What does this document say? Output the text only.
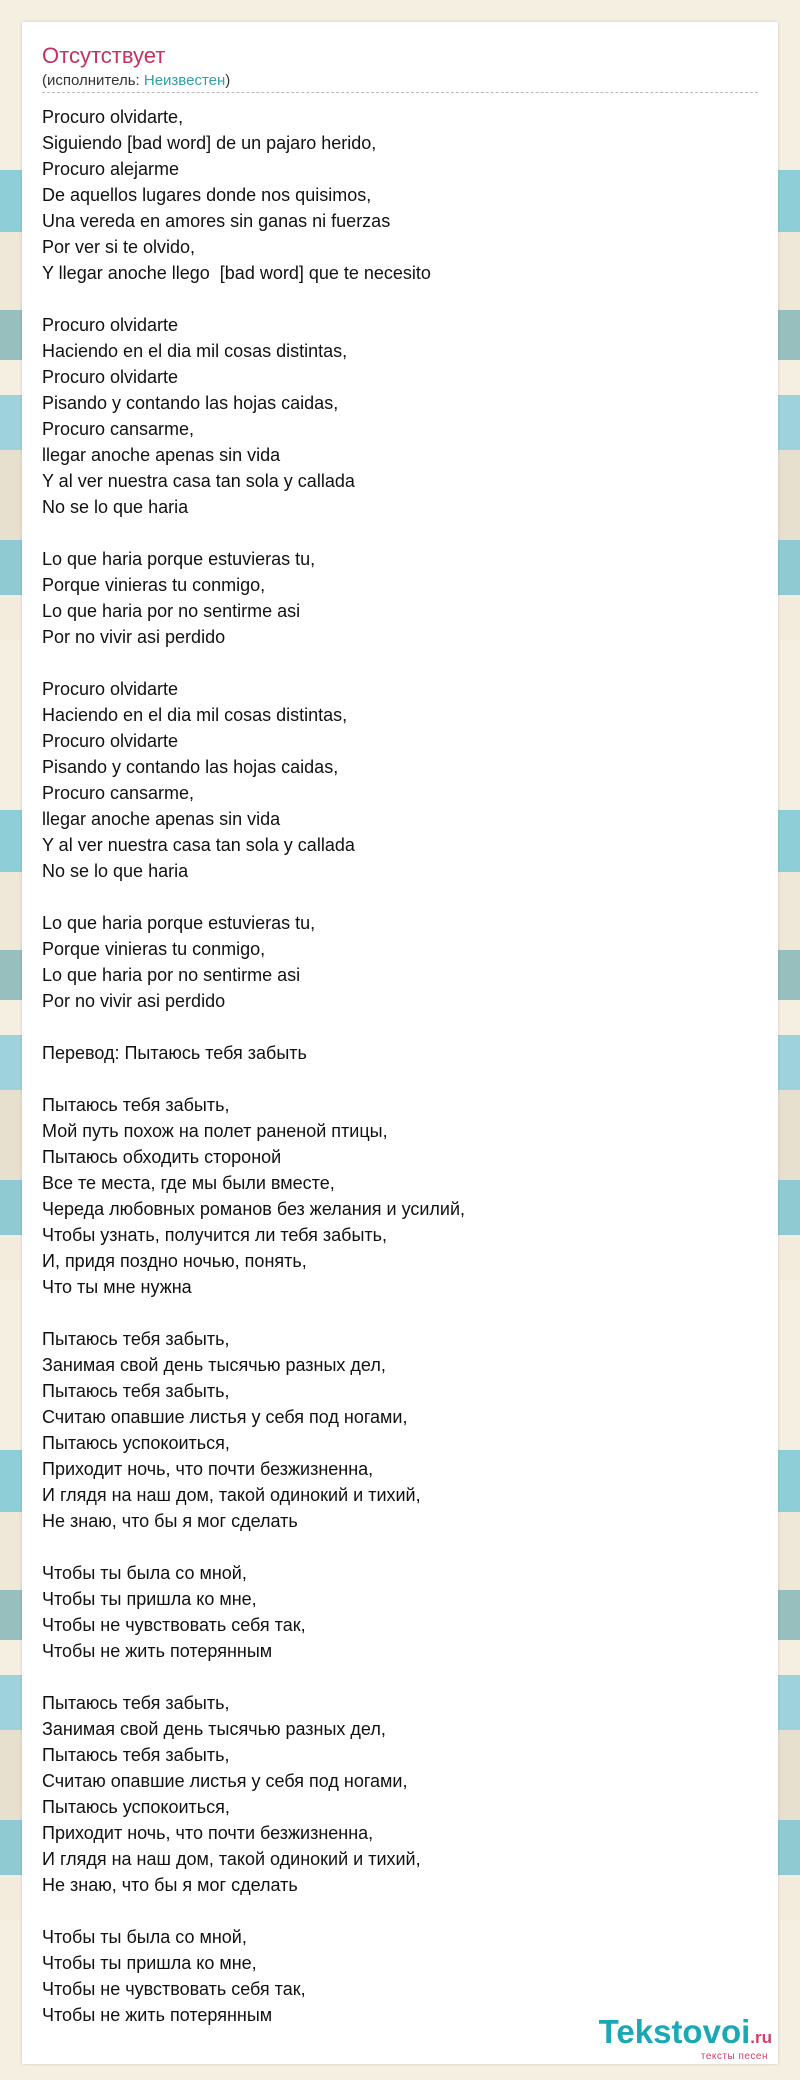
Отсутствует
(исполнитель: Неизвестен)
Procuro olvidarte,
Siguiendo [bad word] de un pajaro herido,
Procuro alejarme
De aquellos lugares donde nos quisimos,
Una vereda en amores sin ganas ni fuerzas
Por ver si te olvido,
Y llegar anoche llego  [bad word] que te necesito
Procuro olvidarte
Haciendo en el dia mil cosas distintas,
Procuro olvidarte
Pisando y contando las hojas caidas,
Procuro cansarme,
llegar anoche apenas sin vida
Y al ver nuestra casa tan sola y callada
No se lo que haria
Lo que haria porque estuvieras tu,
Porque vinieras tu conmigo,
Lo que haria por no sentirme asi
Por no vivir asi perdido
Procuro olvidarte
Haciendo en el dia mil cosas distintas,
Procuro olvidarte
Pisando y contando las hojas caidas,
Procuro cansarme,
llegar anoche apenas sin vida
Y al ver nuestra casa tan sola y callada
No se lo que haria
Lo que haria porque estuvieras tu,
Porque vinieras tu conmigo,
Lo que haria por no sentirme asi
Por no vivir asi perdido
Перевод: Пытаюсь тебя забыть
Пытаюсь тебя забыть,
Мой путь похож на полет раненой птицы,
Пытаюсь обходить стороной
Все те места, где мы были вместе,
Череда любовных романов без желания и усилий,
Чтобы узнать, получится ли тебя забыть,
И, придя поздно ночью, понять,
Что ты мне нужна
Пытаюсь тебя забыть,
Занимая свой день тысячью разных дел,
Пытаюсь тебя забыть,
Считаю опавшие листья у себя под ногами,
Пытаюсь успокоиться,
Приходит ночь, что почти безжизненна,
И глядя на наш дом, такой одинокий и тихий,
Не знаю, что бы я мог сделать
Чтобы ты была со мной,
Чтобы ты пришла ко мне,
Чтобы не чувствовать себя так,
Чтобы не жить потерянным
Пытаюсь тебя забыть,
Занимая свой день тысячью разных дел,
Пытаюсь тебя забыть,
Считаю опавшие листья у себя под ногами,
Пытаюсь успокоиться,
Приходит ночь, что почти безжизненна,
И глядя на наш дом, такой одинокий и тихий,
Не знаю, что бы я мог сделать
Чтобы ты была со мной,
Чтобы ты пришла ко мне,
Чтобы не чувствовать себя так,
Чтобы не жить потерянным	Tekstovoi.ru
тексты песен
